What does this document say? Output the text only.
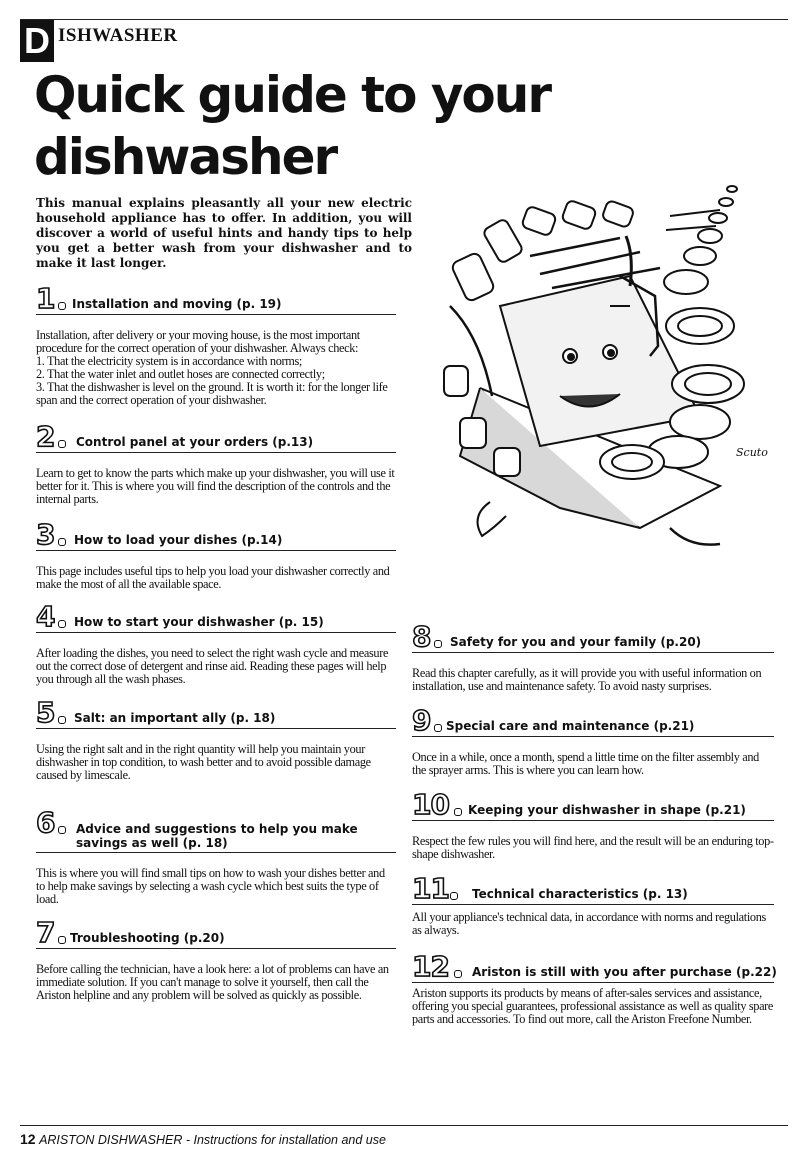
D ISHWASHER
Quick guide to your dishwasher

This manual explains pleasantly all your new electric household appliance has to offer. In addition, you will discover a world of useful hints and handy tips to help you get a better wash from your dishwasher and to make it last longer.

1 Installation and moving (p. 19)

Installation, after delivery or your moving house, is the most important procedure for the correct operation of your dishwasher. Always check:

1. That the electricity system is in accordance with norms;

2. That the water inlet and outlet hoses are connected correctly;

3. That the dishwasher is level on the ground. It is worth it: for the longer life span and the correct operation of your dishwasher.

2 Control panel at your orders (p.13)

Learn to get to know the parts which make up your dishwasher, you will use it better for it. This is where you will find the description of the controls and the internal parts.

3 How to load your dishes (p.14)

This page includes useful tips to help you load your dishwasher correctly and make the most of all the available space.

4 How to start your dishwasher (p. 15)

After loading the dishes, you need to select the right wash cycle and measure out the correct dose of detergent and rinse aid. Reading these pages will help you through all the wash phases.

5 Salt: an important ally (p. 18)

Using the right salt and in the right quantity will help you maintain your dishwasher in top condition, to wash better and to avoid possible damage caused by limescale.

6 Advice and suggestions to help you make savings as well (p. 18)

This is where you will find small tips on how to wash your dishes better and to help make savings by selecting a wash cycle which best suits the type of load.

7 Troubleshooting (p.20)

Before calling the technician, have a look here: a lot of problems can have an immediate solution. If you can't manage to solve it yourself, then call the Ariston helpline and any problem will be solved as quickly as possible.

Scuto
8 Safety for you and your family (p.20)

Read this chapter carefully, as it will provide you with useful information on installation, use and maintenance safety. To avoid nasty surprises.

9 Special care and maintenance (p.21)

Once in a while, once a month, spend a little time on the filter assembly and the sprayer arms. This is where you can learn how.

10 Keeping your dishwasher in shape (p.21)

Respect the few rules you will find here, and the result will be an enduring top-shape dishwasher.

11 Technical characteristics (p. 13)

All your appliance's technical data, in accordance with norms and regulations as always.

12 Ariston is still with you after purchase (p.22)

Ariston supports its products by means of after-sales services and assistance, offering you special guarantees, professional assistance as well as quality spare parts and accessories. To find out more, call the Ariston Freefone Number.

12 ARISTON DISHWASHER - Instructions for installation and use
